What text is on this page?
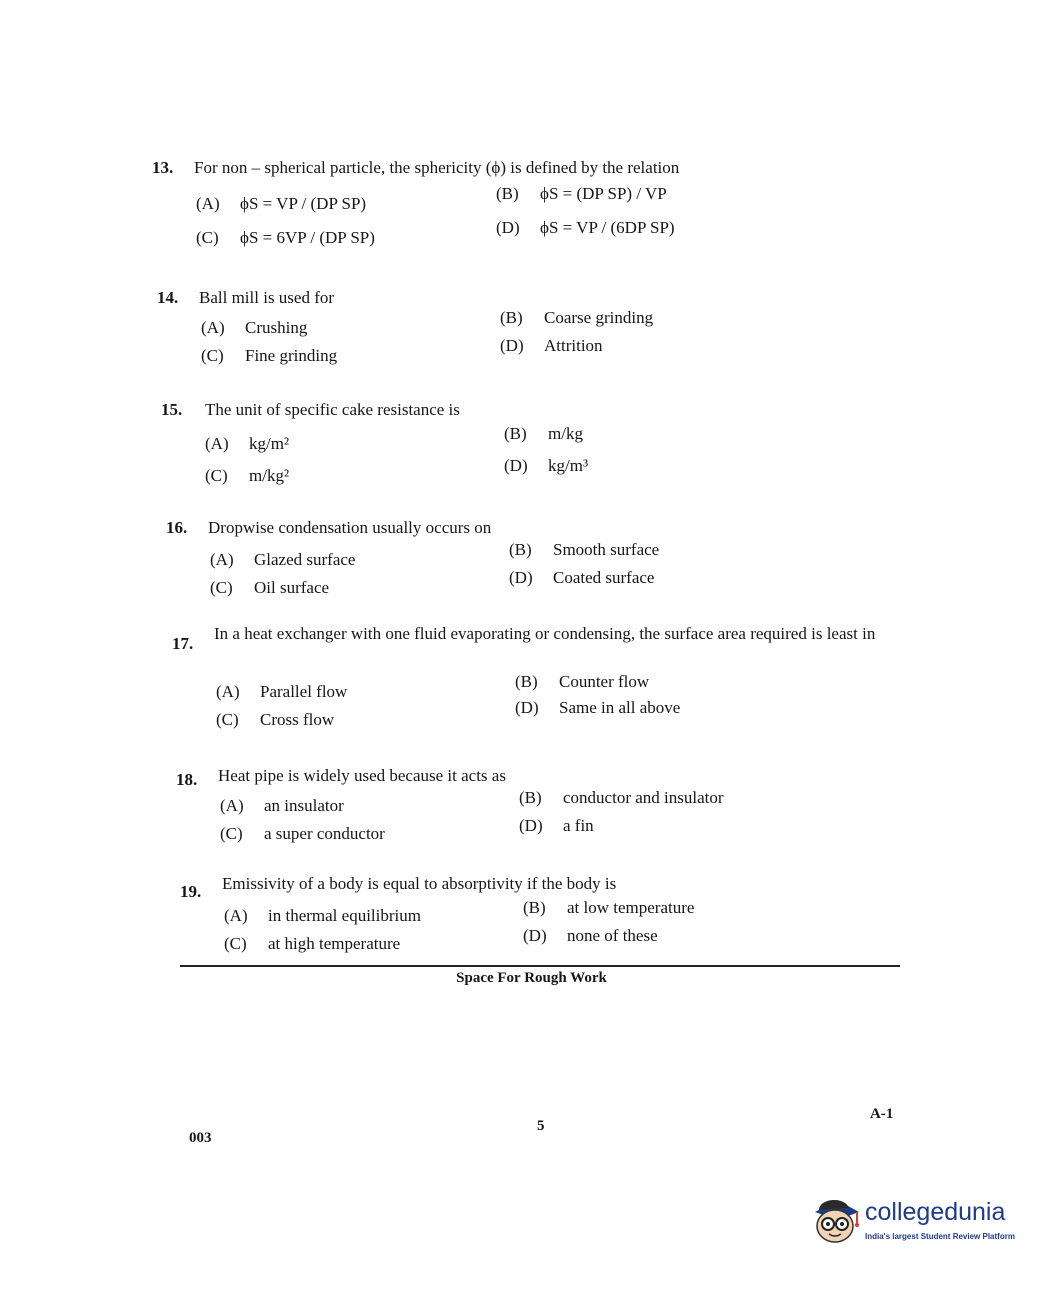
13. For non – spherical particle, the sphericity (ϕ) is defined by the relation
(A) ϕS = VP / (DP SP)
(B) ϕS = (DP SP) / VP
(C) ϕS = 6VP / (DP SP)
(D) ϕS = VP / (6DP SP)
14. Ball mill is used for
(A) Crushing
(B) Coarse grinding
(C) Fine grinding
(D) Attrition
15. The unit of specific cake resistance is
(A) kg/m²
(B) m/kg
(C) m/kg²
(D) kg/m³
16. Dropwise condensation usually occurs on
(A) Glazed surface
(B) Smooth surface
(C) Oil surface
(D) Coated surface
17.
In a heat exchanger with one fluid evaporating or condensing, the surface area required is least in
(A) Parallel flow
(B) Counter flow
(C) Cross flow
(D) Same in all above
18. Heat pipe is widely used because it acts as
(A) an insulator	(B) conductor and insulator
(C) a super conductor	(D) a fin
19. Emissivity of a body is equal to absorptivity if the body is
(A) in thermal equilibrium	(B) at low temperature
(C) at high temperature	(D) none of these
Space For Rough Work
003
5
A-1
collegedunia
India's largest Student Review Platform
